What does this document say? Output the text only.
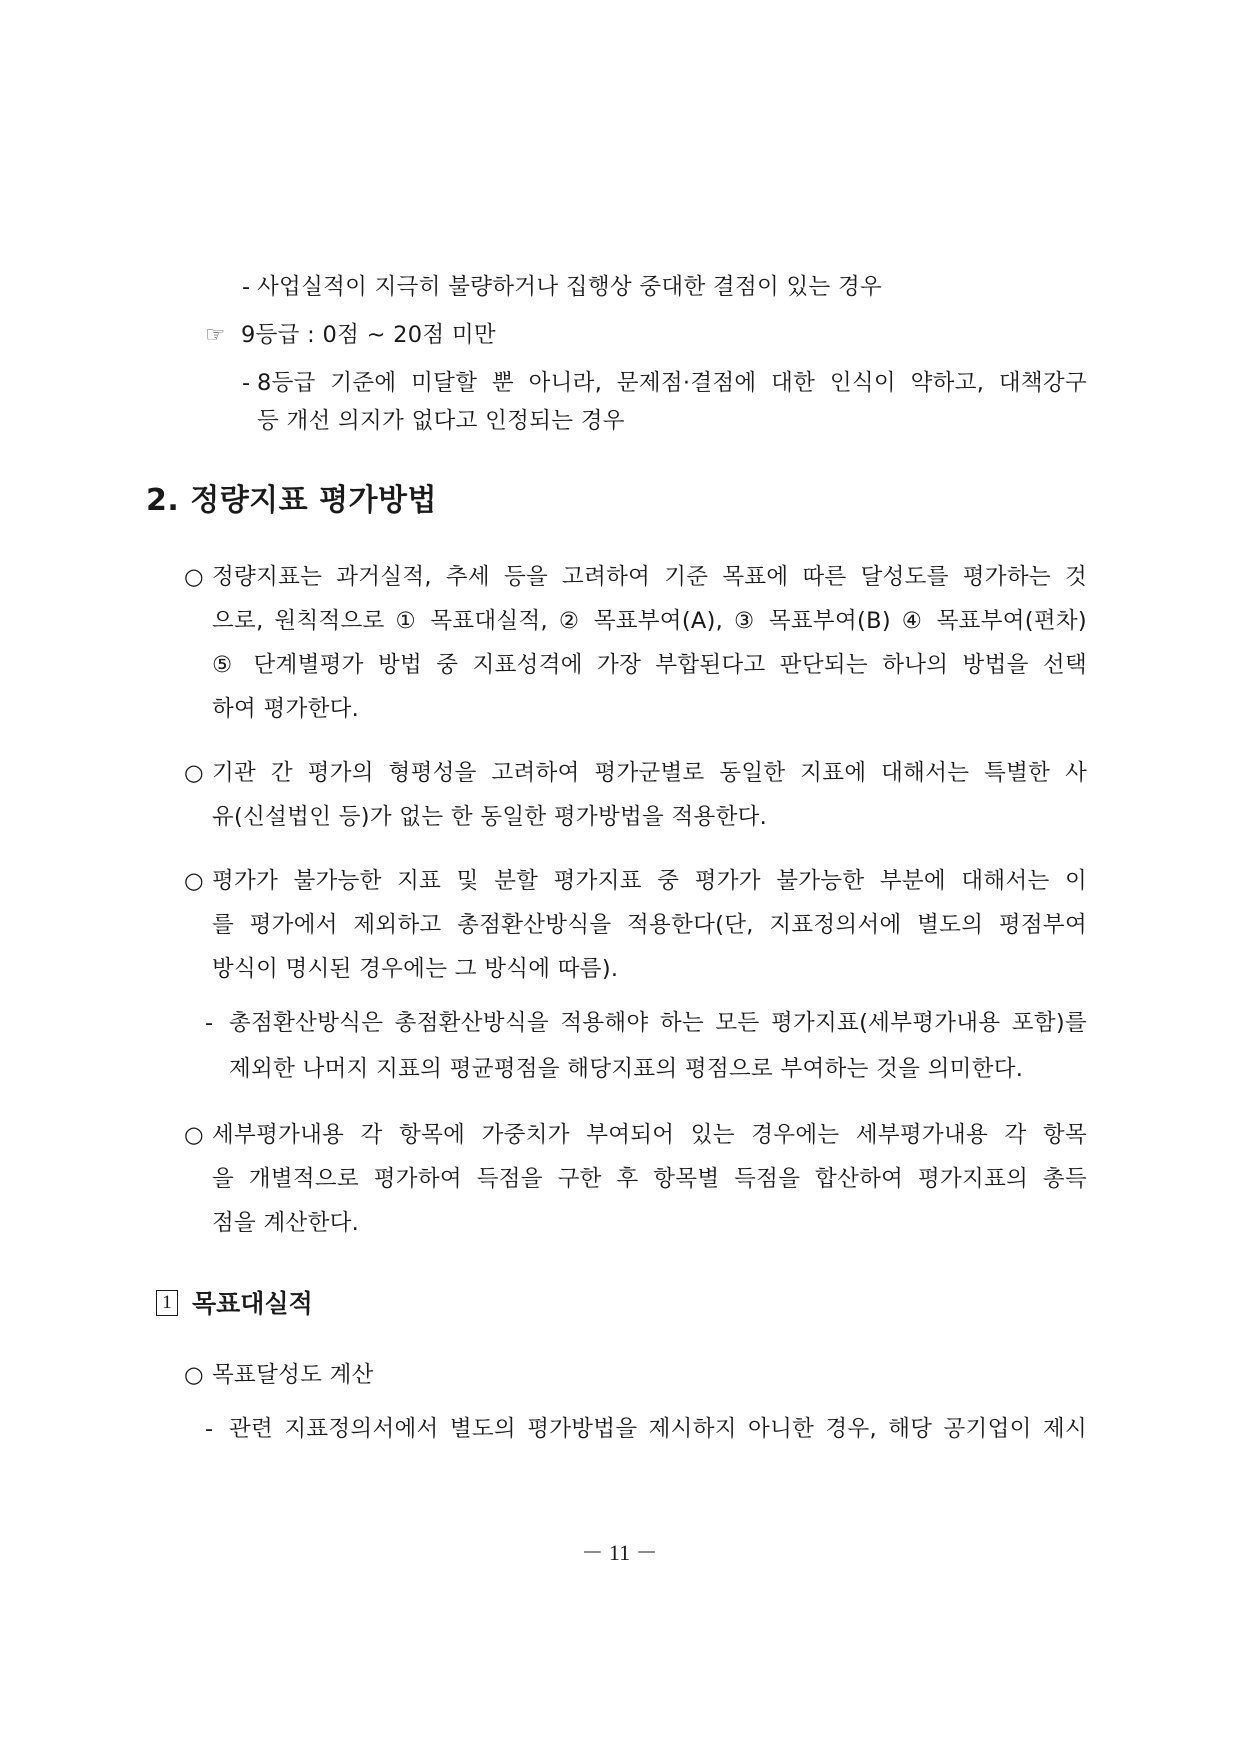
- 사업실적이 지극히 불량하거나 집행상 중대한 결점이 있는 경우

☞ 9등급 : 0점 ~ 20점 미만

- 8등급 기준에 미달할 뿐 아니라, 문제점·결점에 대한 인식이 약하고, 대책강구

등 개선 의지가 없다고 인정되는 경우

2. 정량지표 평가방법
○ 정량지표는 과거실적, 추세 등을 고려하여 기준 목표에 따른 달성도를 평가하는 것

으로, 원칙적으로 ① 목표대실적, ② 목표부여(A), ③ 목표부여(B) ④ 목표부여(편차)

⑤ 단계별평가 방법 중 지표성격에 가장 부합된다고 판단되는 하나의 방법을 선택

하여 평가한다.

○ 기관 간 평가의 형평성을 고려하여 평가군별로 동일한 지표에 대해서는 특별한 사

유(신설법인 등)가 없는 한 동일한 평가방법을 적용한다.

○ 평가가 불가능한 지표 및 분할 평가지표 중 평가가 불가능한 부분에 대해서는 이

를 평가에서 제외하고 총점환산방식을 적용한다(단, 지표정의서에 별도의 평점부여

방식이 명시된 경우에는 그 방식에 따름).

- 총점환산방식은 총점환산방식을 적용해야 하는 모든 평가지표(세부평가내용 포함)를

제외한 나머지 지표의 평균평점을 해당지표의 평점으로 부여하는 것을 의미한다.

○ 세부평가내용 각 항목에 가중치가 부여되어 있는 경우에는 세부평가내용 각 항목

을 개별적으로 평가하여 득점을 구한 후 항목별 득점을 합산하여 평가지표의 총득

점을 계산한다.

1 목표대실적
○ 목표달성도 계산

- 관련 지표정의서에서 별도의 평가방법을 제시하지 아니한 경우, 해당 공기업이 제시

－ 11 －
